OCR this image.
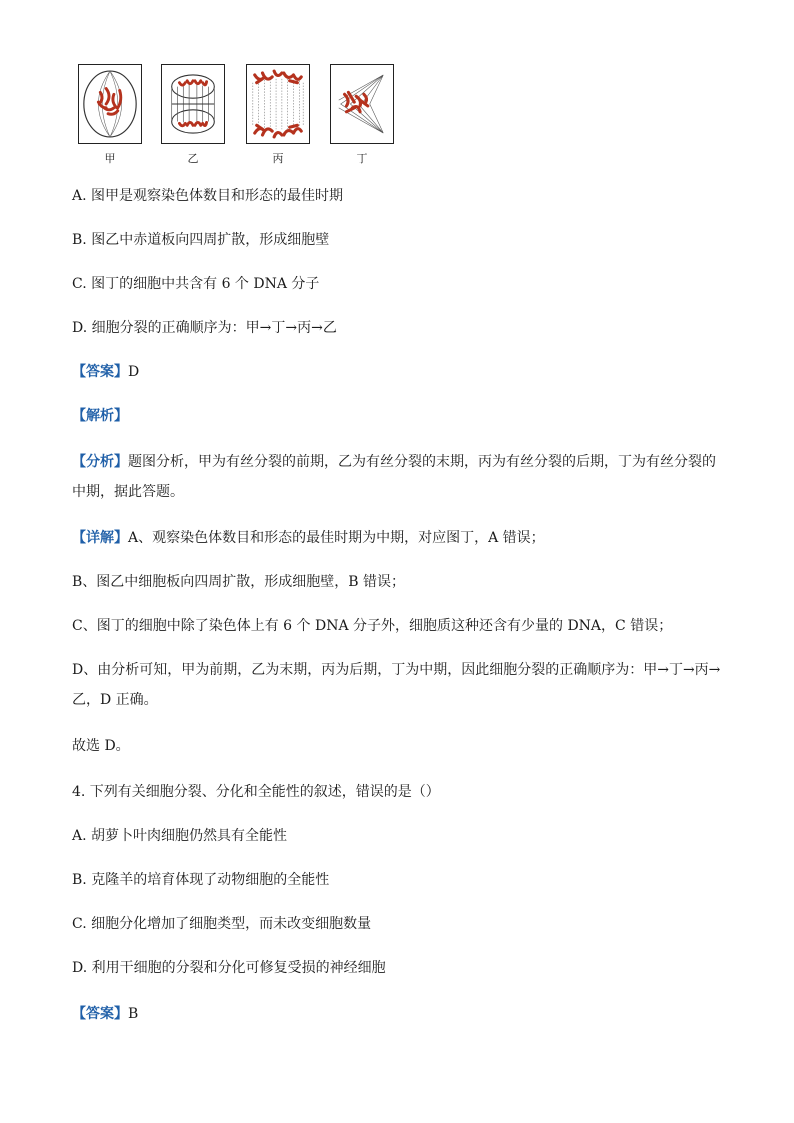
甲	乙	丙	丁
A. 图甲是观察染色体数目和形态的最佳时期
B. 图乙中赤道板向四周扩散，形成细胞壁
C. 图丁的细胞中共含有 6 个 DNA 分子
D. 细胞分裂的正确顺序为：甲→丁→丙→乙
【答案】D
【解析】
【分析】题图分析，甲为有丝分裂的前期，乙为有丝分裂的末期，丙为有丝分裂的后期，丁为有丝分裂的
中期，据此答题。
【详解】A、观察染色体数目和形态的最佳时期为中期，对应图丁，A 错误；
B、图乙中细胞板向四周扩散，形成细胞壁，B 错误；
C、图丁的细胞中除了染色体上有 6 个 DNA 分子外，细胞质这种还含有少量的 DNA，C 错误；
D、由分析可知，甲为前期，乙为末期，丙为后期，丁为中期，因此细胞分裂的正确顺序为：甲→丁→丙→
乙，D 正确。
故选 D。
4. 下列有关细胞分裂、分化和全能性的叙述，错误的是（）
A. 胡萝卜叶肉细胞仍然具有全能性
B. 克隆羊的培育体现了动物细胞的全能性
C. 细胞分化增加了细胞类型，而未改变细胞数量
D. 利用干细胞的分裂和分化可修复受损的神经细胞
【答案】B
